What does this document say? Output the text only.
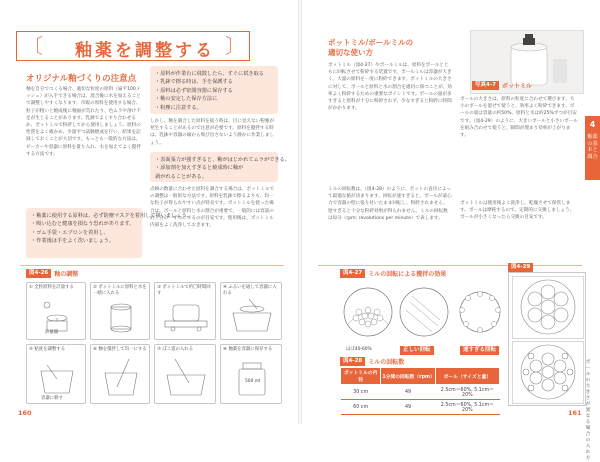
〔 釉薬を調整する 〕
オリジナル釉づくりの注意点
釉を自分でつくる場合、適切な粒度の原料（扁平100メッシュ）が入手できる場合は、混合後に水を加えることで調整しやすくなります。市販の原料を使用する場合、粒子が粗いと焼成後に釉面が荒れたり、色ムラや溶け不足が生じることがあります。乳鉢でよくすり合わせるか、ポットミルで粉砕してから使用しましょう。原料の性質をよく確かめ、少量ずつ試験焼成を行い、結果を記録しておくことが大切です。もっとも一般的な方法は、ビーカーや容器に原料を量り入れ、水を加えてよく撹拌する方法です。
・釉薬に使用する原料は、必ず防塵マスクを着用して扱いましょう。
・吸い込むと健康を損なう恐れがあります。
・ゴム手袋・エプロンを着用し、
・作業後は手をよく洗いましょう。
・原料が作業台に飛散したら、すぐに拭き取る
・乳鉢で擦る時は、手を保護する
・原料は必ず密閉容器に保存する
・釉の安定した保存方法に
・粉塵に注意する。
しかし、釉を調合した原料を扱う時は、目に見えない粉塵が発生することがあるので注意が必要です。原料を攪拌する時は、乳鉢や容器の縁から飛び出さないよう静かに作業しましょう。
・表面張力が強すぎると、釉がはじかれてムラができる。
・添加剤を加えすぎると焼成時に釉が
剥がれることがある。
点検の数量に合わせた原料を調合する場合は、ポットミルでの調整は一般的な方法です。原料を乳鉢で擦るよりも、均一な粒子が得られやすい点が特長です。ポットミルを使った場合は、ボールと原料と水の割合が重要で、一般的には容量の約三分の一ずつにするのが目安です。使用後は、ポットミル内部をよく洗浄しておきます。
図4-26	釉の調整
① 全粒原料を計量する
計量器
② ポットミルに原料と水を一緒に入れる
③ ポットミルで約〇時間回す
④ ふるいを通して容器に入れる
⑤ 粘度を調整する
容器に移す
⑥ 釉を撹拌して均一にする	⑦ ぼこ造の入れる	⑧ 釉薬を容器に保存する
500 ml
160
ポットミル/ボールミルの
適切な使い方
ポットミル（図4-27）やボールミルは、原料をボールとともに回転させて粉砕する装置です。ボールミルは容器が大きく、大量の原料を一度に粉砕できます。ポットミルの大きさに対して、ボールと原料と水の割合を適切に保つことが、効率よく粉砕するための重要なポイントです。ボールの量が多すぎると原料が十分に粉砕されず、少なすぎると粉砕に時間がかかります。
ミルの回転数は、（図4-28）のように、ポットの直径によって最適な値が決まります。回転が速すぎると、ボールが遠心力で容器の壁に張り付いたまま回転し、粉砕されません。遅すぎると十分な粉砕効果が得られません。ミルの回転数は毎分（rpm: revolutions per minute）で表します。
写真4-7	ポットミル
ボールの大きさは、原料の粒度に合わせて選びます。大小のボールを混ぜて使うと、効率よく粉砕できます。ボールの量は容量の約50%、原料と水は約25%ずつが目安です。（図4-29）のように、大きいボールと小さいボールを組み合わせて使うと、隙間が埋まり効率が上がります。
ポットミルは使用後よく洗浄し、乾燥させて保管します。ボールは摩耗するので、定期的に交換しましょう。ボールが小さくなったら交換の目安です。
4
釉薬の基本と調合
図4-27	ミルの回転による攪拌の効果
ほぼ40-60%	正しい回転	速すぎる回転
図4-28	ミルの回転数
ポットミルの内径	1分間の回転数（rpm）	ボール（サイズと量）
30 cm	49	2.5cm＝60%, 5.1cm＝20%
60 cm	49	2.5cm＝60%, 5.1cm＝20%
図4-29
ボールの大きさが異なる場合の入れ方
161
